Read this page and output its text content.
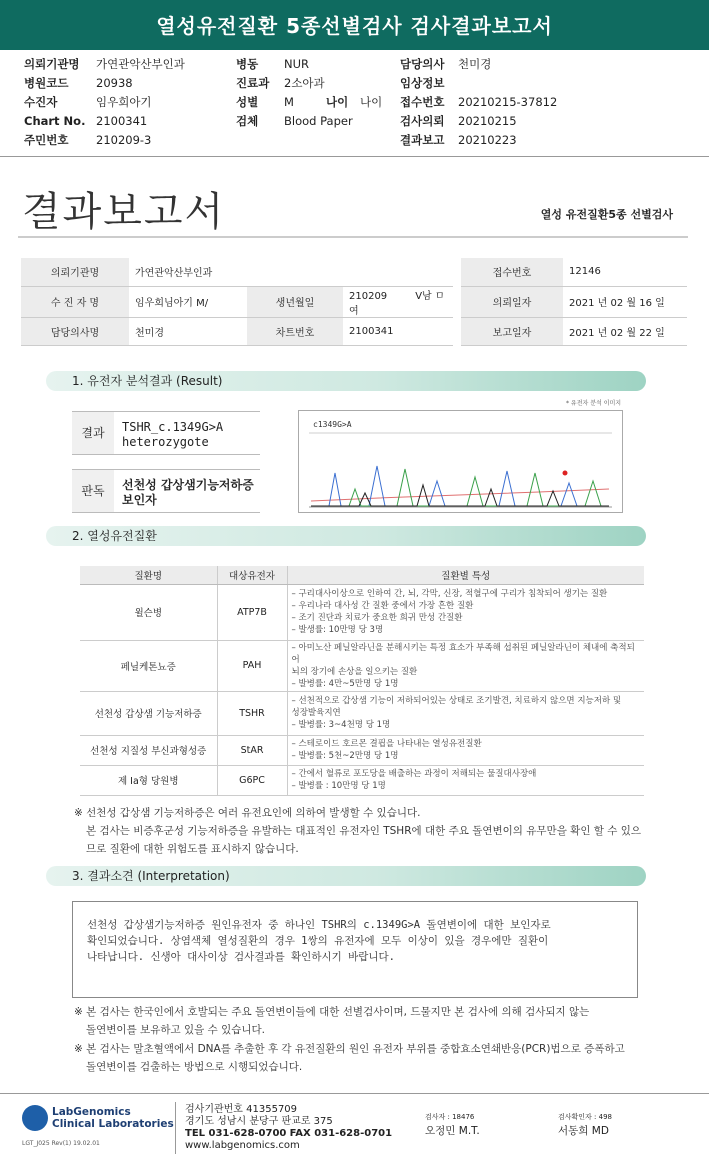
열성유전질환 5종선별검사 검사결과보고서
의뢰기관명 가연관악산부인과
병원코드 20938
수진자	임우희아기
Chart No. 2100341
주민번호 210209-3
병동 NUR
진료과 2소아과
성별 M	나이 나이
검체 Blood Paper
담당의사 천미경
임상정보
접수번호 20210215-37812
검사의뢰 20210215
결과보고 20210223
결과보고서	열성 유전질환5종 선별검사
의뢰기관명	가연관악산부인과				접수번호	12146
수 진 자 명	임우희님아기 M/	생년월일	210209 V남 ㅁ여		의뢰일자	2021 년 02 월 16 일
담당의사명	천미경	차트번호	2100341		보고일자	2021 년 02 월 22 일
1. 유전자 분석결과 (Result)
결과	TSHR_c.1349G>A
heterozygote
판독	선천성 갑상샘기능저하증
보인자
* 유전자 분석 이미지
c1349G>A
2. 열성유전질환
질환명	대상유전자	질환별 특성
윌슨병	ATP7B	– 구리대사이상으로 인하여 간, 뇌, 각막, 신장, 적혈구에 구리가 침착되어 생기는 질환
– 우리나라 대사성 간 질환 중에서 가장 흔한 질환
– 조기 진단과 치료가 중요한 희귀 만성 간질환
– 발생률: 10만명 당 3명

페닐케톤뇨증	PAH	– 아미노산 페닐알라닌을 분해시키는 특정 효소가 부족해 섭취된 페닐알라닌이 체내에 축적되어
뇌의 장기에 손상을 일으키는 질환
– 발병률: 4만~5만명 당 1명

선천성 갑상샘 기능저하증	TSHR	– 선천적으로 갑상샘 기능이 저하되어있는 상태로 조기발견, 치료하지 않으면 지능저하 및
성장발육지연
– 발병률: 3~4천명 당 1명

선천성 지질성 부신과형성증	StAR	– 스테로이드 호르몬 결핍을 나타내는 열성유전질환
– 발병률: 5천~2만명 당 1명

제 Ia형 당원병	G6PC	– 간에서 혈류로 포도당을 배출하는 과정이 저해되는 물질대사장애
– 발병률 : 10만명 당 1명
※ 선천성 갑상샘 기능저하증은 여러 유전요인에 의하여 발생할 수 있습니다.
본 검사는 비증후군성 기능저하증을 유발하는 대표적인 유전자인 TSHR에 대한 주요 돌연변이의 유무만을 확인 할 수 있으
므로 질환에 대한 위험도를 표시하지 않습니다.
3. 결과소견 (Interpretation)
선천성 갑상샘기능저하증 원인유전자 중 하나인 TSHR의 c.1349G>A 돌연변이에 대한 보인자로
확인되었습니다. 상염색체 열성질환의 경우 1쌍의 유전자에 모두 이상이 있을 경우에만 질환이
나타납니다. 신생아 대사이상 검사결과를 확인하시기 바랍니다.
※ 본 검사는 한국인에서 호발되는 주요 돌연변이들에 대한 선별검사이며, 드물지만 본 검사에 의해 검사되지 않는
돌연변이를 보유하고 있을 수 있습니다.
※ 본 검사는 말초혈액에서 DNA를 추출한 후 각 유전질환의 원인 유전자 부위를 중합효소연쇄반응(PCR)법으로 증폭하고
돌연변이를 검출하는 방법으로 시행되었습니다.
LabGenomics
Clinical Laboratories
LGT_J025 Rev(1) 19.02.01
검사기관번호 41355709
경기도 성남시 분당구 판교로 375
TEL 031-628-0700 FAX 031-628-0701
www.labgenomics.com
검사자 : 18476
오정민 M.T.
검사확인자 : 498
서동희 MD
